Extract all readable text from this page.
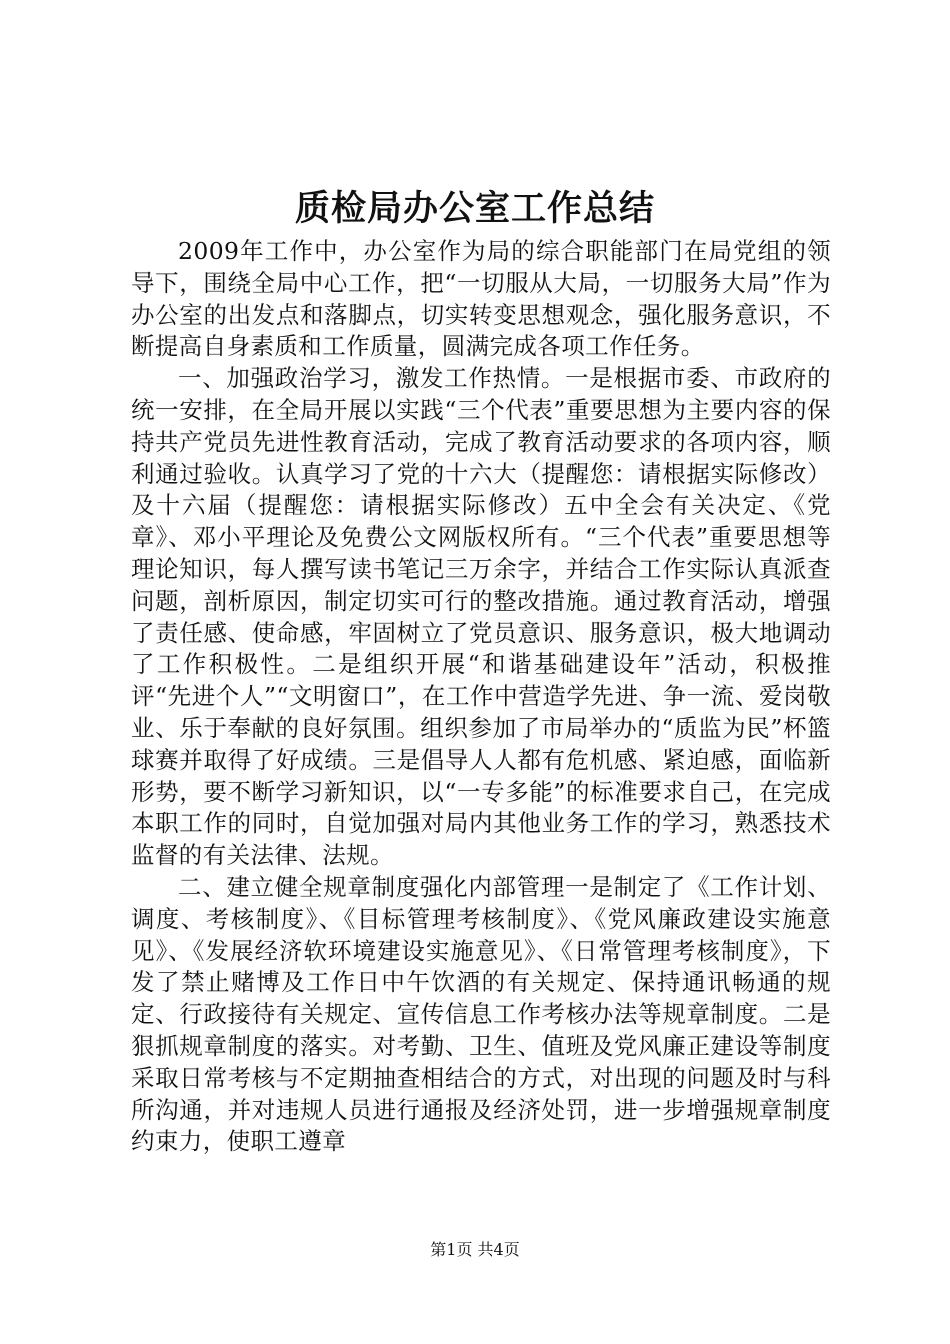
质检局办公室工作总结

2009年工作中，办公室作为局的综合职能部门在局党组的领导下，围绕全局中心工作，把“一切服从大局，一切服务大局”作为办公室的出发点和落脚点，切实转变思想观念，强化服务意识，不断提高自身素质和工作质量，圆满完成各项工作任务。

一、加强政治学习，激发工作热情。一是根据市委、市政府的统一安排，在全局开展以实践“三个代表”重要思想为主要内容的保持共产党员先进性教育活动，完成了教育活动要求的各项内容，顺利通过验收。认真学习了党的十六大（提醒您：请根据实际修改）及十六届（提醒您：请根据实际修改）五中全会有关决定、《党章》、邓小平理论及免费公文网版权所有。“三个代表”重要思想等理论知识，每人撰写读书笔记三万余字，并结合工作实际认真派查问题，剖析原因，制定切实可行的整改措施。通过教育活动，增强了责任感、使命感，牢固树立了党员意识、服务意识，极大地调动了工作积极性。二是组织开展“和谐基础建设年”活动，积极推评“先进个人”“文明窗口”，在工作中营造学先进、争一流、爱岗敬业、乐于奉献的良好氛围。组织参加了市局举办的“质监为民”杯篮球赛并取得了好成绩。三是倡导人人都有危机感、紧迫感，面临新形势，要不断学习新知识，以“一专多能”的标准要求自己，在完成本职工作的同时，自觉加强对局内其他业务工作的学习，熟悉技术监督的有关法律、法规。

二、建立健全规章制度强化内部管理一是制定了《工作计划、调度、考核制度》、《目标管理考核制度》、《党风廉政建设实施意见》、《发展经济软环境建设实施意见》、《日常管理考核制度》，下发了禁止赌博及工作日中午饮酒的有关规定、保持通讯畅通的规定、行政接待有关规定、宣传信息工作考核办法等规章制度。二是狠抓规章制度的落实。对考勤、卫生、值班及党风廉正建设等制度采取日常考核与不定期抽查相结合的方式，对出现的问题及时与科所沟通，并对违规人员进行通报及经济处罚，进一步增强规章制度约束力，使职工遵章

第1页 共4页
